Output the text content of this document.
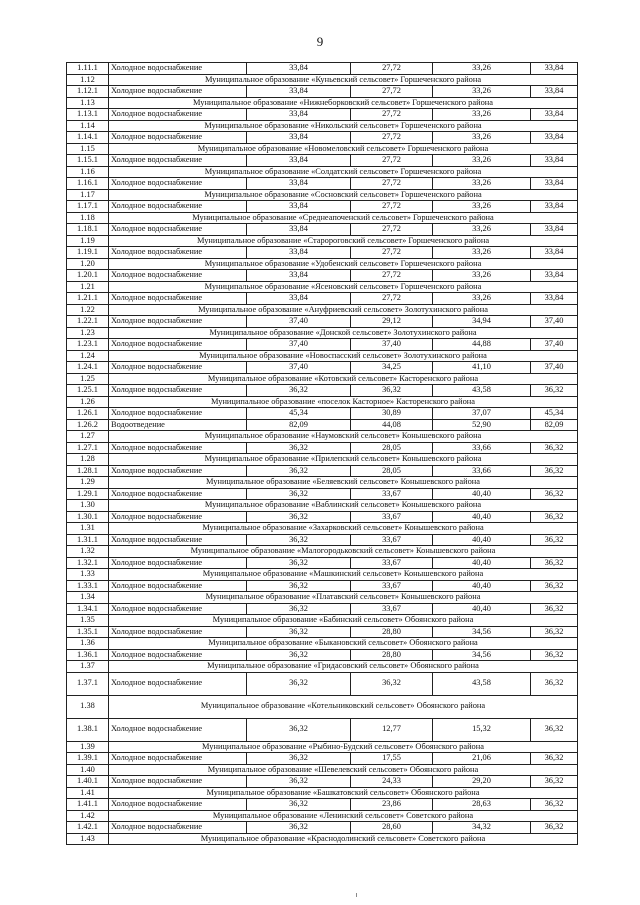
9
1.11.1	Холодное водоснабжение	33,84	27,72	33,26	33,84
1.12	Муниципальное образование «Куньевский сельсовет» Горшеченского района				
1.12.1	Холодное водоснабжение	33,84	27,72	33,26	33,84
1.13	Муниципальное образование «Нижнеборковский сельсовет» Горшеченского района				
1.13.1	Холодное водоснабжение	33,84	27,72	33,26	33,84
1.14	Муниципальное образование «Никольский сельсовет» Горшеченского района				
1.14.1	Холодное водоснабжение	33,84	27,72	33,26	33,84
1.15	Муниципальное образование «Новомеловский сельсовет» Горшеченского района				
1.15.1	Холодное водоснабжение	33,84	27,72	33,26	33,84
1.16	Муниципальное образование «Солдатский сельсовет» Горшеченского района				
1.16.1	Холодное водоснабжение	33,84	27,72	33,26	33,84
1.17	Муниципальное образование «Сосновский сельсовет» Горшеченского района				
1.17.1	Холодное водоснабжение	33,84	27,72	33,26	33,84
1.18	Муниципальное образование «Среднеапоченский сельсовет» Горшеченского района				
1.18.1	Холодное водоснабжение	33,84	27,72	33,26	33,84
1.19	Муниципальное образование «Старороговский сельсовет» Горшеченского района				
1.19.1	Холодное водоснабжение	33,84	27,72	33,26	33,84
1.20	Муниципальное образование «Удобенский сельсовет» Горшеченского района				
1.20.1	Холодное водоснабжение	33,84	27,72	33,26	33,84
1.21	Муниципальное образование «Ясеновский сельсовет» Горшеченского района				
1.21.1	Холодное водоснабжение	33,84	27,72	33,26	33,84
1.22	Муниципальное образование «Ануфриевский сельсовет» Золотухинского района				
1.22.1	Холодное водоснабжение	37,40	29,12	34,94	37,40
1.23	Муниципальное образование «Донской сельсовет» Золотухинского района				
1.23.1	Холодное водоснабжение	37,40	37,40	44,88	37,40
1.24	Муниципальное образование «Новоспасский сельсовет» Золотухинского района				
1.24.1	Холодное водоснабжение	37,40	34,25	41,10	37,40
1.25	Муниципальное образование «Котовский сельсовет» Касторенского района				
1.25.1	Холодное водоснабжение	36,32	36,32	43,58	36,32
1.26	Муниципальное образование «поселок Касторное» Касторенского района				
1.26.1	Холодное водоснабжение	45,34	30,89	37,07	45,34
1.26.2	Водоотведение	82,09	44,08	52,90	82,09
1.27	Муниципальное образование «Наумовский сельсовет» Конышевского района				
1.27.1	Холодное водоснабжение	36,32	28,05	33,66	36,32
1.28	Муниципальное образование «Прилепский сельсовет» Конышевского района				
1.28.1	Холодное водоснабжение	36,32	28,05	33,66	36,32
1.29	Муниципальное образование «Беляевский сельсовет» Конышевского района				
1.29.1	Холодное водоснабжение	36,32	33,67	40,40	36,32
1.30	Муниципальное образование «Ваблинский сельсовет» Конышевского района				
1.30.1	Холодное водоснабжение	36,32	33,67	40,40	36,32
1.31	Муниципальное образование «Захарковский сельсовет» Конышевского района				
1.31.1	Холодное водоснабжение	36,32	33,67	40,40	36,32
1.32	Муниципальное образование «Малогородьковский сельсовет» Конышевского района				
1.32.1	Холодное водоснабжение	36,32	33,67	40,40	36,32
1.33	Муниципальное образование «Машкинский сельсовет» Конышевского района				
1.33.1	Холодное водоснабжение	36,32	33,67	40,40	36,32
1.34	Муниципальное образование «Платавский сельсовет» Конышевского района				
1.34.1	Холодное водоснабжение	36,32	33,67	40,40	36,32
1.35	Муниципальное образование «Бабинский сельсовет» Обоянского района				
1.35.1	Холодное водоснабжение	36,32	28,80	34,56	36,32
1.36	Муниципальное образование «Быкановский сельсовет» Обоянского района				
1.36.1	Холодное водоснабжение	36,32	28,80	34,56	36,32
1.37	Муниципальное образование «Гридасовский сельсовет» Обоянского района				
1.37.1	Холодное водоснабжение	36,32	36,32	43,58	36,32
1.38	Муниципальное образование «Котельниковский сельсовет» Обоянского района				
1.38.1	Холодное водоснабжение	36,32	12,77	15,32	36,32
1.39	Муниципальное образование «Рыбино-Будский сельсовет» Обоянского района				
1.39.1	Холодное водоснабжение	36,32	17,55	21,06	36,32
1.40	Муниципальное образование «Шевелевский сельсовет» Обоянского района				
1.40.1	Холодное водоснабжение	36,32	24,33	29,20	36,32
1.41	Муниципальное образование «Башкатовский сельсовет» Обоянского района				
1.41.1	Холодное водоснабжение	36,32	23,86	28,63	36,32
1.42	Муниципальное образование «Ленинский сельсовет» Советского района				
1.42.1	Холодное водоснабжение	36,32	28,60	34,32	36,32
1.43	Муниципальное образование «Краснодолинский сельсовет» Советского района				
